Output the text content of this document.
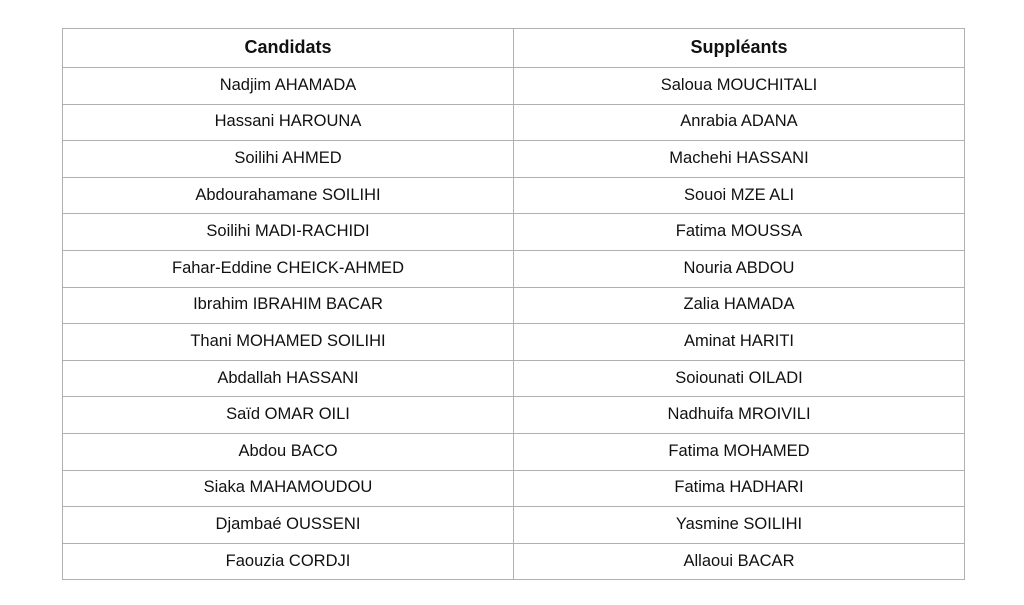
Candidats	Suppléants

Nadjim AHAMADA	Saloua MOUCHITALI

Hassani HAROUNA	Anrabia ADANA

Soilihi AHMED	Machehi HASSANI

Abdourahamane SOILIHI	Souoi MZE ALI

Soilihi MADI-RACHIDI	Fatima MOUSSA

Fahar-Eddine CHEICK-AHMED	Nouria ABDOU

Ibrahim IBRAHIM BACAR	Zalia HAMADA

Thani MOHAMED SOILIHI	Aminat HARITI

Abdallah HASSANI	Soiounati OILADI

Saïd OMAR OILI	Nadhuifa MROIVILI

Abdou BACO	Fatima MOHAMED

Siaka MAHAMOUDOU	Fatima HADHARI

Djambaé OUSSENI	Yasmine SOILIHI

Faouzia CORDJI	Allaoui BACAR
